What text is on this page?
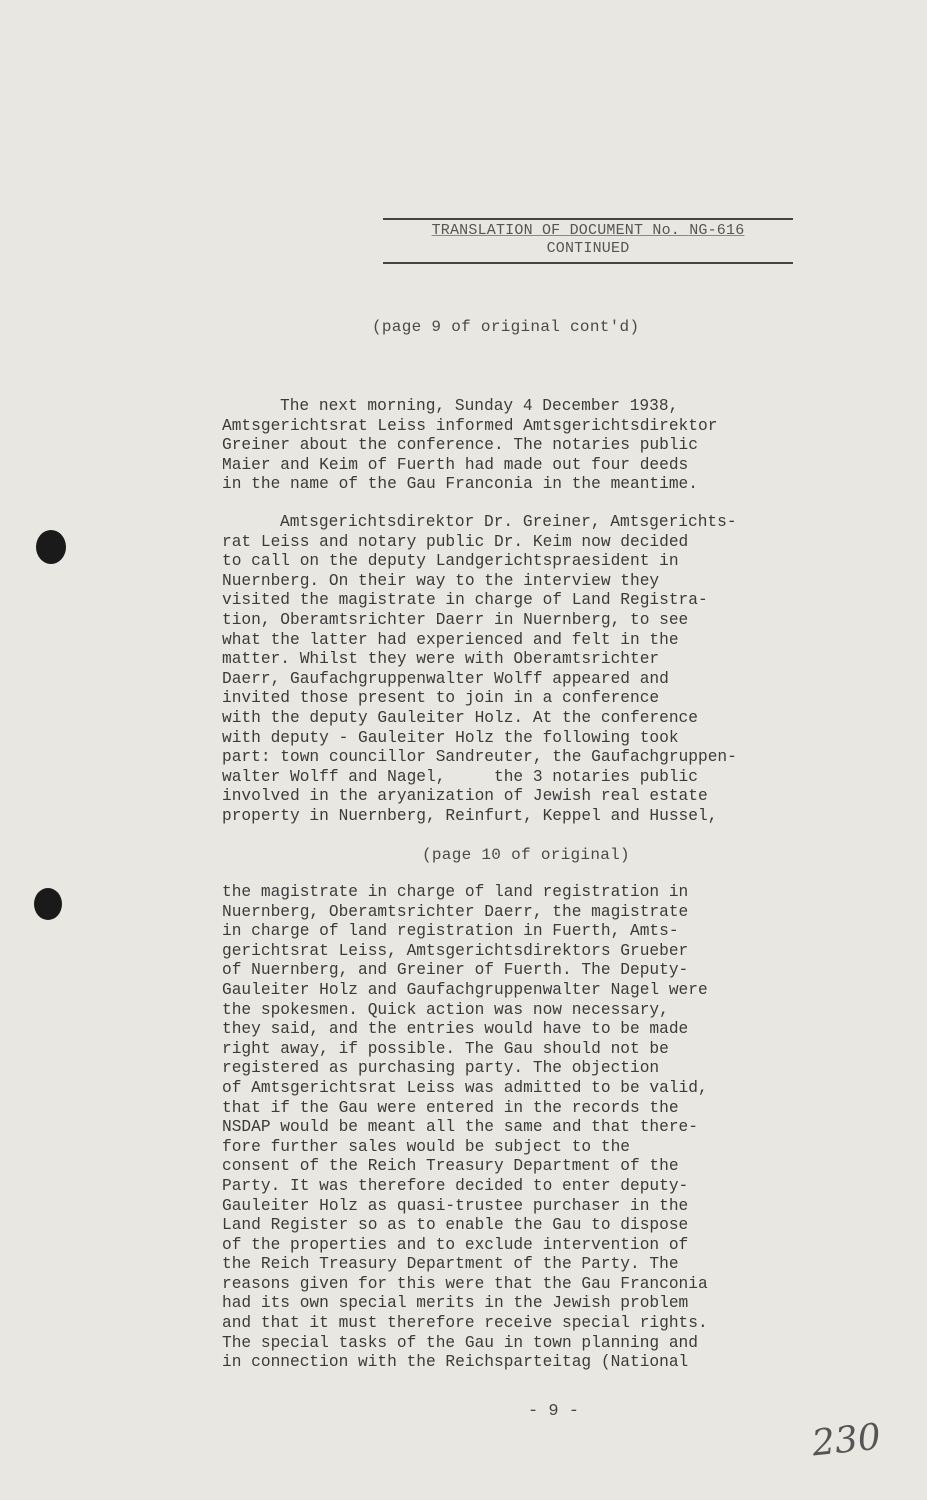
TRANSLATION OF DOCUMENT No. NG-616
CONTINUED
(page 9 of original cont'd)
The next morning, Sunday 4 December 1938,
Amtsgerichtsrat Leiss informed Amtsgerichtsdirektor
Greiner about the conference. The notaries public
Maier and Keim of Fuerth had made out four deeds
in the name of the Gau Franconia in the meantime.
Amtsgerichtsdirektor Dr. Greiner, Amtsgerichts-
rat Leiss and notary public Dr. Keim now decided
to call on the deputy Landgerichtspraesident in
Nuernberg. On their way to the interview they
visited the magistrate in charge of Land Registra-
tion, Oberamtsrichter Daerr in Nuernberg, to see
what the latter had experienced and felt in the
matter. Whilst they were with Oberamtsrichter
Daerr, Gaufachgruppenwalter Wolff appeared and
invited those present to join in a conference
with the deputy Gauleiter Holz. At the conference
with deputy - Gauleiter Holz the following took
part: town councillor Sandreuter, the Gaufachgruppen-
walter Wolff and Nagel,     the 3 notaries public
involved in the aryanization of Jewish real estate
property in Nuernberg, Reinfurt, Keppel and Hussel,
(page 10 of original)
the magistrate in charge of land registration in
Nuernberg, Oberamtsrichter Daerr, the magistrate
in charge of land registration in Fuerth, Amts-
gerichtsrat Leiss, Amtsgerichtsdirektors Grueber
of Nuernberg, and Greiner of Fuerth. The Deputy-
Gauleiter Holz and Gaufachgruppenwalter Nagel were
the spokesmen. Quick action was now necessary,
they said, and the entries would have to be made
right away, if possible. The Gau should not be
registered as purchasing party. The objection
of Amtsgerichtsrat Leiss was admitted to be valid,
that if the Gau were entered in the records the
NSDAP would be meant all the same and that there-
fore further sales would be subject to the
consent of the Reich Treasury Department of the
Party. It was therefore decided to enter deputy-
Gauleiter Holz as quasi-trustee purchaser in the
Land Register so as to enable the Gau to dispose
of the properties and to exclude intervention of
the Reich Treasury Department of the Party. The
reasons given for this were that the Gau Franconia
had its own special merits in the Jewish problem
and that it must therefore receive special rights.
The special tasks of the Gau in town planning and
in connection with the Reichsparteitag (National
- 9 -
230
